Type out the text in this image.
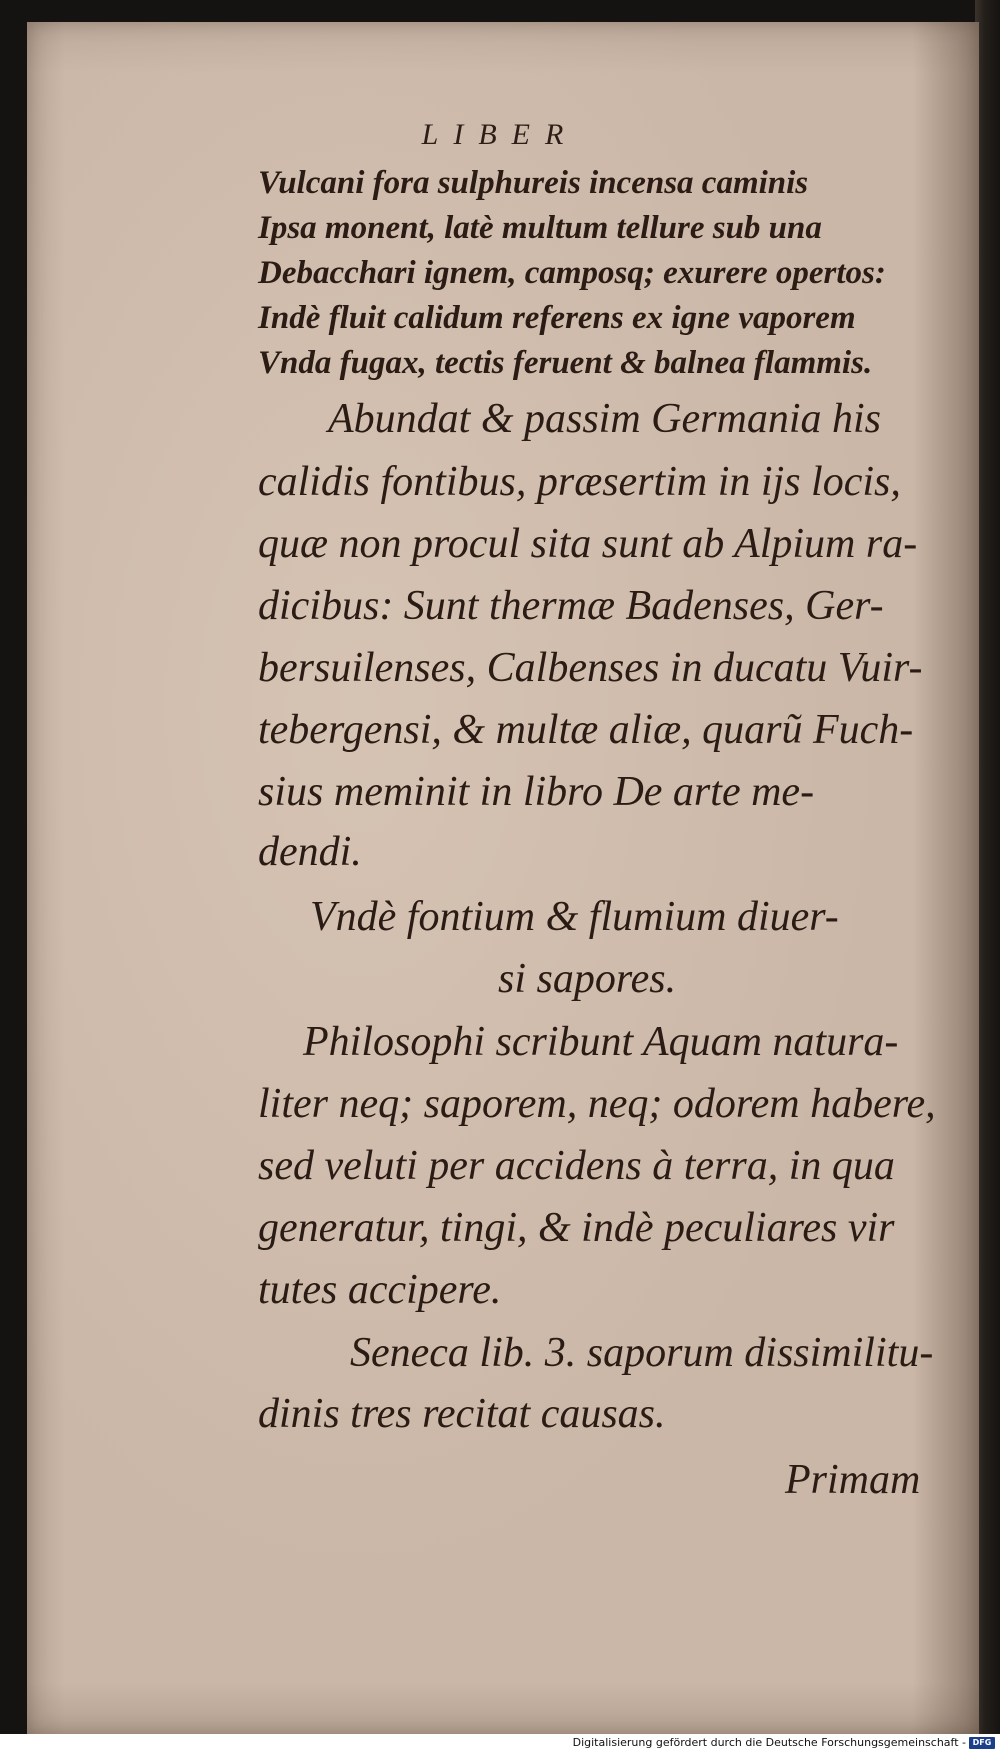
LIBER

Vulcani fora sulphureis incensa caminis

Ipsa monent, latè multum tellure sub una

Debacchari ignem, camposq; exurere opertos:

Indè fluit calidum referens ex igne vaporem

Vnda fugax, tectis feruent & balnea flammis.

Abundat & passim Germania his

calidis fontibus, præsertim in ijs locis,

quæ non procul sita sunt ab Alpium ra-

dicibus: Sunt thermæ Badenses, Ger-

bersuilenses, Calbenses in ducatu Vuir-

tebergensi, & multæ aliæ, quarũ Fuch-

sius meminit in libro De arte me-

dendi.

Vndè fontium & flumium diuer-

si sapores.

Philosophi scribunt Aquam natura-

liter neq; saporem, neq; odorem habere,

sed veluti per accidens à terra, in qua

generatur, tingi, & indè peculiares vir

tutes accipere.

Seneca lib. 3. saporum dissimilitu-

dinis tres recitat causas.

Primam

Digitalisierung gefördert durch die Deutsche Forschungsgemeinschaft - DFG
